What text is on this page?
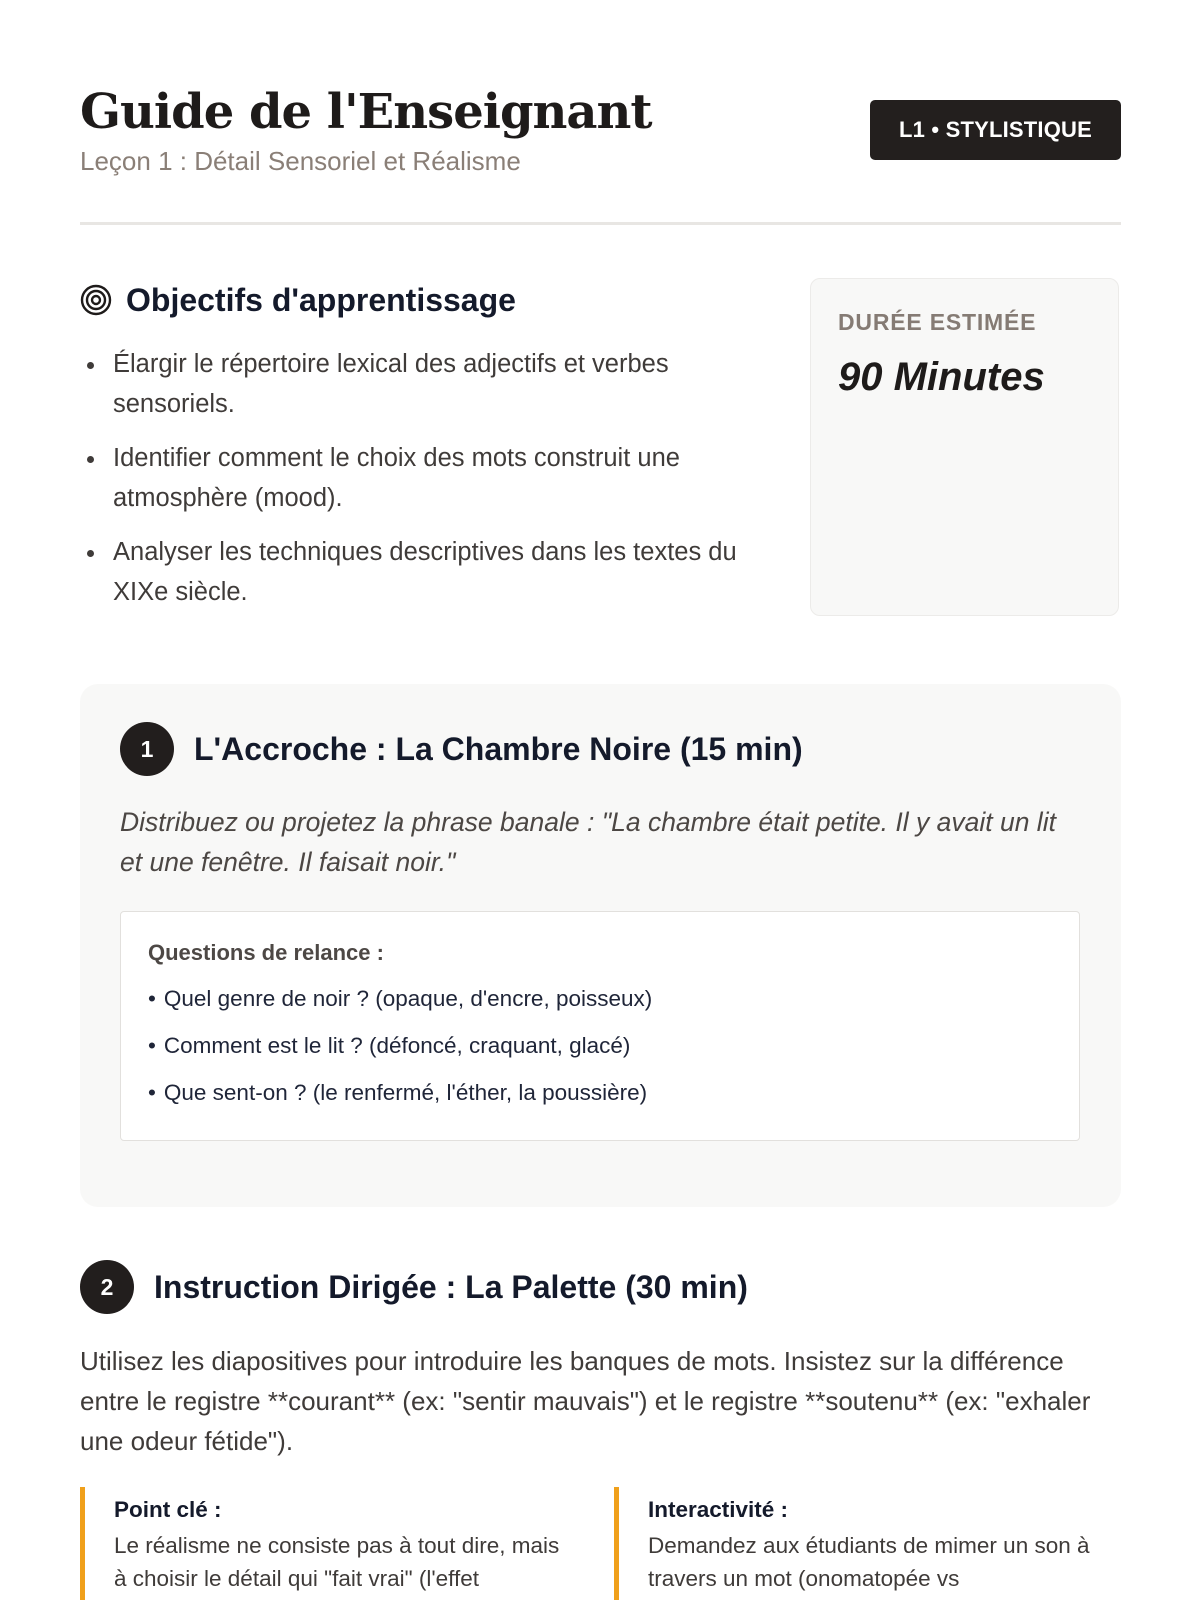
Guide de l'Enseignant
Leçon 1 : Détail Sensoriel et Réalisme
L1 • STYLISTIQUE
Objectifs d'apprentissage
Élargir le répertoire lexical des adjectifs et verbes sensoriels.
Identifier comment le choix des mots construit une atmosphère (mood).
Analyser les techniques descriptives dans les textes du XIXe siècle.
DURÉE ESTIMÉE
90 Minutes
1	L'Accroche : La Chambre Noire (15 min)
Distribuez ou projetez la phrase banale : "La chambre était petite. Il y avait un lit et une fenêtre. Il faisait noir."
Questions de relance :
• Quel genre de noir ? (opaque, d'encre, poisseux)
• Comment est le lit ? (défoncé, craquant, glacé)
• Que sent-on ? (le renfermé, l'éther, la poussière)
2	Instruction Dirigée : La Palette (30 min)
Utilisez les diapositives pour introduire les banques de mots. Insistez sur la différence entre le registre **courant** (ex: "sentir mauvais") et le registre **soutenu** (ex: "exhaler une odeur fétide").
Point clé :
Le réalisme ne consiste pas à tout dire, mais à choisir le détail qui "fait vrai" (l'effet
Interactivité :
Demandez aux étudiants de mimer un son à travers un mot (onomatopée vs
